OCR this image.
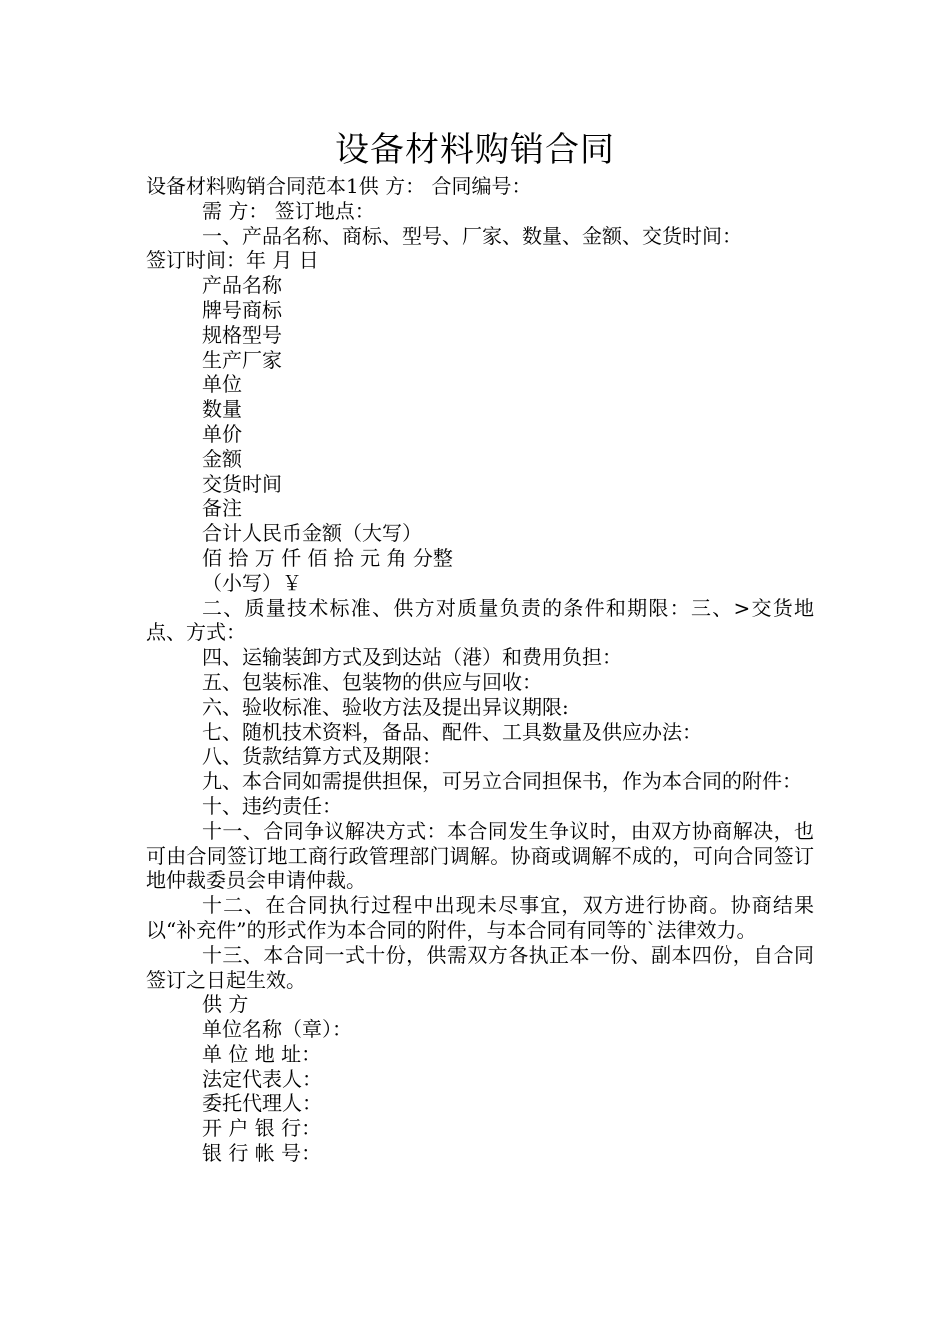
设备材料购销合同
设备材料购销合同范本1供 方： 合同编号：
需 方： 签订地点：
一、产品名称、商标、型号、厂家、数量、金额、交货时间：
签订时间：年 月 日
产品名称
牌号商标
规格型号
生产厂家
单位
数量
单价
金额
交货时间
备注
合计人民币金额（大写）
佰 拾 万 仟 佰 拾 元 角 分整
（小写）￥
二、质量技术标准、供方对质量负责的条件和期限：三、>交货地点、方式：
四、运输装卸方式及到达站（港）和费用负担：
五、包装标准、包装物的供应与回收：
六、验收标准、验收方法及提出异议期限:
七、随机技术资料，备品、配件、工具数量及供应办法：
八、货款结算方式及期限：
九、本合同如需提供担保，可另立合同担保书，作为本合同的附件：
十、违约责任：
十一、合同争议解决方式：本合同发生争议时，由双方协商解决，也可由合同签订地工商行政管理部门调解。协商或调解不成的，可向合同签订地仲裁委员会申请仲裁。
十二、在合同执行过程中出现未尽事宜，双方进行协商。协商结果以“补充件”的形式作为本合同的附件，与本合同有同等的`法律效力。
十三、本合同一式十份，供需双方各执正本一份、副本四份，自合同签订之日起生效。
供 方
单位名称（章）：
单 位 地 址：
法定代表人：
委托代理人：
开 户 银 行：
银 行 帐 号：
